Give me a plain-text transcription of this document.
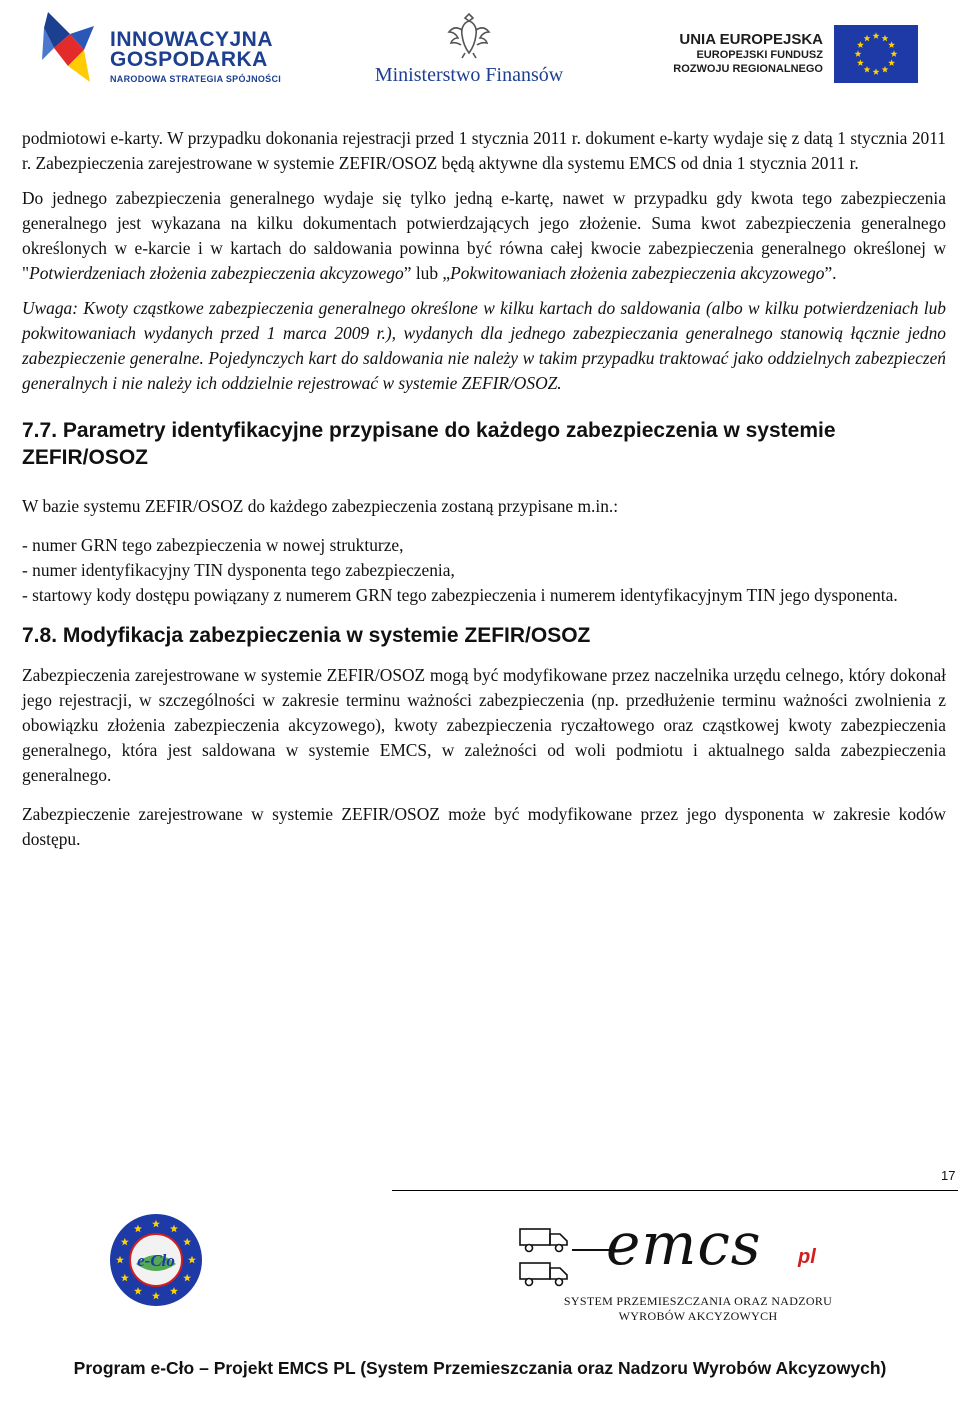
INNOWACYJNA
GOSPODARKA
NARODOWA STRATEGIA SPÓJNOŚCI	Ministerstwo Finansów
UNIA EUROPEJSKA
EUROPEJSKI FUNDUSZ
ROZWOJU REGIONALNEGO

podmiotowi e-karty. W przypadku dokonania rejestracji przed 1 stycznia 2011 r. dokument e-karty wydaje się z datą 1 stycznia 2011 r. Zabezpieczenia zarejestrowane w systemie ZEFIR/OSOZ będą aktywne dla systemu EMCS od dnia 1 stycznia 2011 r.

Do jednego zabezpieczenia generalnego wydaje się tylko jedną e-kartę, nawet w przypadku gdy kwota tego zabezpieczenia generalnego jest wykazana na kilku dokumentach potwierdzających jego złożenie. Suma kwot zabezpieczenia generalnego określonych w e-karcie i w kartach do saldowania powinna być równa całej kwocie zabezpieczenia generalnego określonej w "Potwierdzeniach złożenia zabezpieczenia akcyzowego” lub „Pokwitowaniach złożenia zabezpieczenia akcyzowego”.

Uwaga: Kwoty cząstkowe zabezpieczenia generalnego określone w kilku kartach do saldowania (albo w kilku potwierdzeniach lub pokwitowaniach wydanych przed 1 marca 2009 r.), wydanych dla jednego zabezpieczania generalnego stanowią łącznie jedno zabezpieczenie generalne. Pojedynczych kart do saldowania nie należy w takim przypadku traktować jako oddzielnych zabezpieczeń generalnych i nie należy ich oddzielnie rejestrować w systemie ZEFIR/OSOZ.

7.7. Parametry identyfikacyjne przypisane do każdego zabezpieczenia w systemie ZEFIR/OSOZ

W bazie systemu ZEFIR/OSOZ do każdego zabezpieczenia zostaną przypisane m.in.:

- numer GRN tego zabezpieczenia w nowej strukturze,
- numer identyfikacyjny TIN dysponenta tego zabezpieczenia,
- startowy kody dostępu powiązany z numerem GRN tego zabezpieczenia i numerem identyfikacyjnym TIN jego dysponenta.
7.8. Modyfikacja zabezpieczenia w systemie ZEFIR/OSOZ

Zabezpieczenia zarejestrowane w systemie ZEFIR/OSOZ mogą być modyfikowane przez naczelnika urzędu celnego, który dokonał jego rejestracji, w szczególności w zakresie terminu ważności zabezpieczenia (np. przedłużenie terminu ważności zwolnienia z obowiązku złożenia zabezpieczenia akcyzowego), kwoty zabezpieczenia ryczałtowego oraz cząstkowej kwoty zabezpieczenia generalnego, która jest saldowana w systemie EMCS, w zależności od woli podmiotu i aktualnego salda zabezpieczenia generalnego.

Zabezpieczenie zarejestrowane w systemie ZEFIR/OSOZ może być modyfikowane przez jego dysponenta w zakresie kodów dostępu.

17
e-Cło	emcs pl
SYSTEM PRZEMIESZCZANIA ORAZ NADZORU
WYROBÓW AKCYZOWYCH
Program e-Cło – Projekt EMCS PL (System Przemieszczania oraz Nadzoru Wyrobów Akcyzowych)
